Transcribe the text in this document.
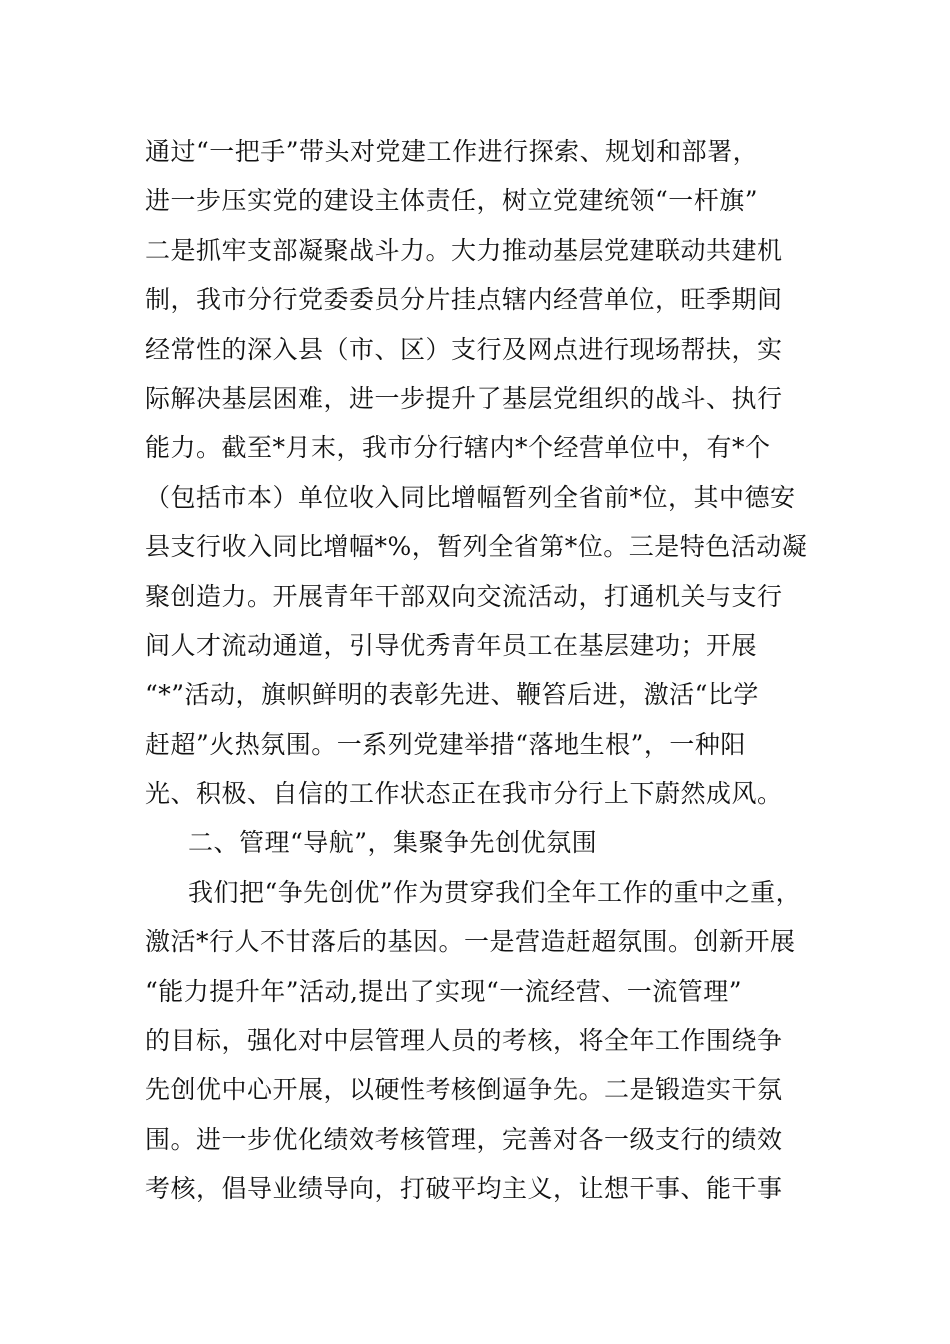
通过“一把手”带头对党建工作进行探索、规划和部署，
进一步压实党的建设主体责任，树立党建统领“一杆旗”
二是抓牢支部凝聚战斗力。大力推动基层党建联动共建机
制，我市分行党委委员分片挂点辖内经营单位，旺季期间
经常性的深入县（市、区）支行及网点进行现场帮扶，实
际解决基层困难，进一步提升了基层党组织的战斗、执行
能力。截至*月末，我市分行辖内*个经营单位中，有*个
（包括市本）单位收入同比增幅暂列全省前*位，其中德安
县支行收入同比增幅*%，暂列全省第*位。三是特色活动凝
聚创造力。开展青年干部双向交流活动，打通机关与支行
间人才流动通道，引导优秀青年员工在基层建功；开展
“*”活动，旗帜鲜明的表彰先进、鞭笞后进，激活“比学
赶超”火热氛围。一系列党建举措“落地生根”，一种阳
光、积极、自信的工作状态正在我市分行上下蔚然成风。
二、管理“导航”，集聚争先创优氛围
我们把“争先创优”作为贯穿我们全年工作的重中之重，
激活*行人不甘落后的基因。一是营造赶超氛围。创新开展
“能力提升年”活动,提出了实现“一流经营、一流管理”
的目标，强化对中层管理人员的考核，将全年工作围绕争
先创优中心开展，以硬性考核倒逼争先。二是锻造实干氛
围。进一步优化绩效考核管理，完善对各一级支行的绩效
考核，倡导业绩导向，打破平均主义，让想干事、能干事
